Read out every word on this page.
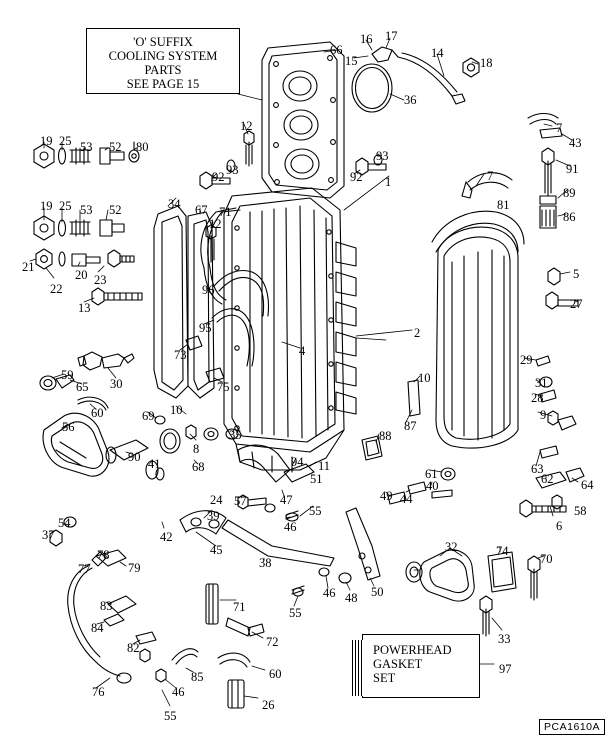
'O' SUFFIX
COOLING SYSTEM
PARTS
SEE PAGE 15
POWERHEAD
GASKET
SET
PCA1610A
1
2
4
5
6
7
7
8
9
10
10
11
12
12
13
14
15
16 17
18
19
19
20
21
22
23
24
25
25
26
27
28
29
30	31
32
33
34
35
36
37
38
39
40
41
42
43
44
45
46
46
46
47
48
49
50
51
52
52
53
53
54
55
55
55
56
57
58
59
60
60
61	62
63
64
65
66
67
68
69
70
71
71
72
73
74
75
76
77
78
79
80
81
82
83
84
85
86
87
88
89
90
91
92	92
93
93
94
95
96
97
